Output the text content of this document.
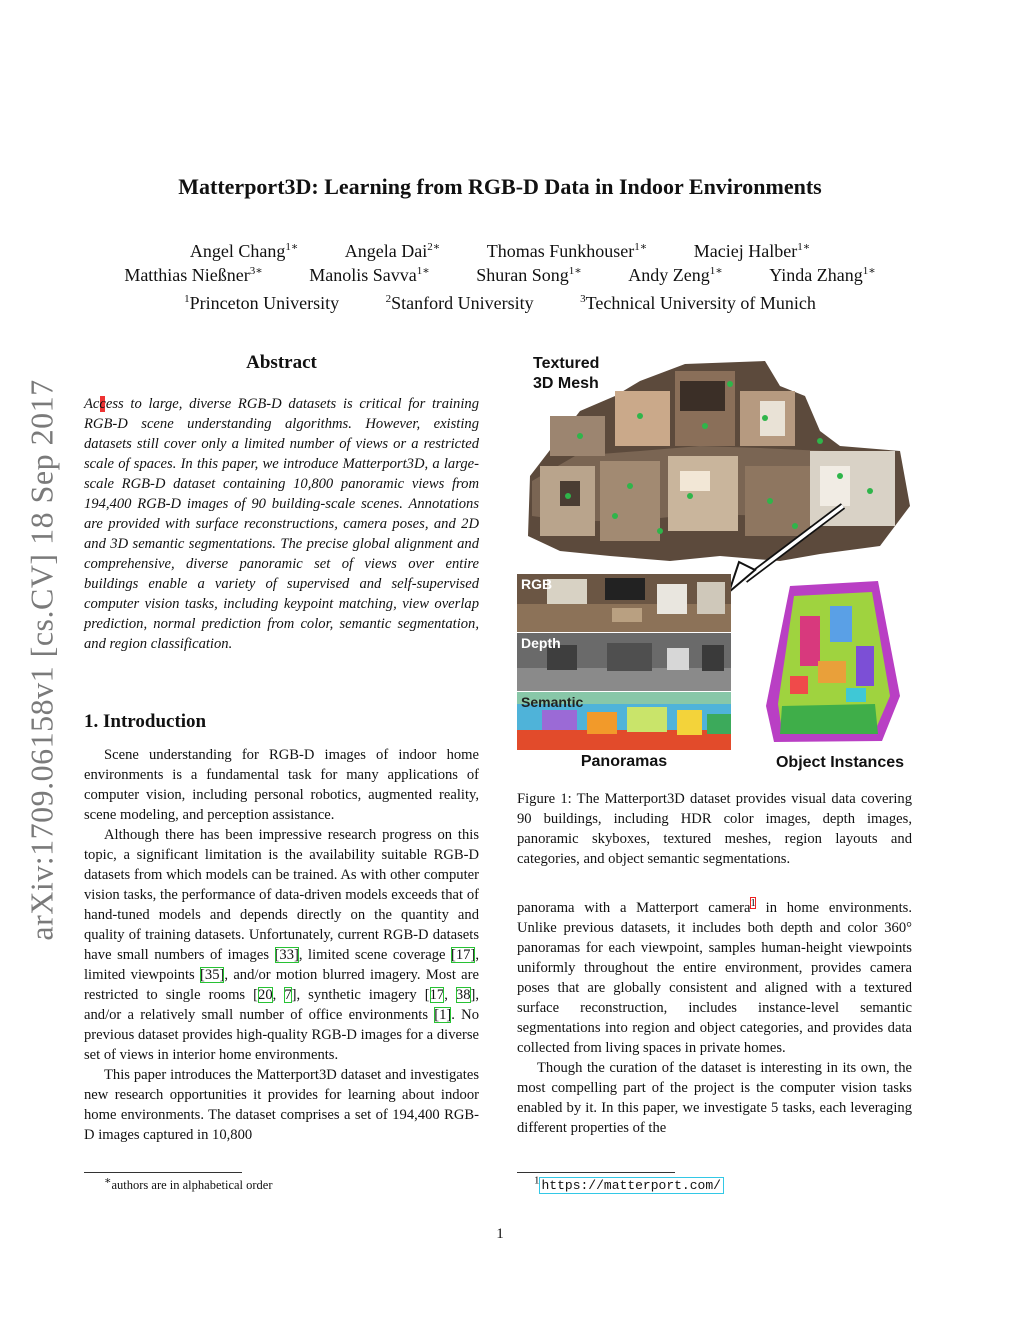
arXiv:1709.06158v1 [cs.CV] 18 Sep 2017
Matterport3D: Learning from RGB-D Data in Indoor Environments
Angel Chang$^{1∗}$	Angela Dai$^{2∗}$	Thomas Funkhouser$^{1∗}$	Maciej Halber$^{1∗}$
Matthias Nießner$^{3∗}$	Manolis Savva$^{1∗}$	Shuran Song$^{1∗}$	Andy Zeng$^{1∗}$	Yinda Zhang$^{1∗}$
$^1$Princeton University	$^2$Stanford University	$^3$Technical University of Munich
Abstract
Access to large, diverse RGB-D datasets is critical for training RGB-D scene understanding algorithms. However, existing datasets still cover only a limited number of views or a restricted scale of spaces. In this paper, we introduce Matterport3D, a large-scale RGB-D dataset containing 10,800 panoramic views from 194,400 RGB-D images of 90 building-scale scenes. Annotations are provided with surface reconstructions, camera poses, and 2D and 3D semantic segmentations. The precise global alignment and comprehensive, diverse panoramic set of views over entire buildings enable a variety of supervised and self-supervised computer vision tasks, including keypoint matching, view overlap prediction, normal prediction from color, semantic segmentation, and region classification.
1. Introduction
Scene understanding for RGB-D images of indoor home environments is a fundamental task for many applications of computer vision, including personal robotics, augmented reality, scene modeling, and perception assistance.
Although there has been impressive research progress on this topic, a significant limitation is the availability suitable RGB-D datasets from which models can be trained. As with other computer vision tasks, the performance of data-driven models exceeds that of hand-tuned models and depends directly on the quantity and quality of training datasets. Unfortunately, current RGB-D datasets have small numbers of images [33], limited scene coverage [17], limited viewpoints [35], and/or motion blurred imagery. Most are restricted to single rooms [20, 7], synthetic imagery [17, 38], and/or a relatively small number of office environments [1]. No previous dataset provides high-quality RGB-D images for a diverse set of views in interior home environments.
This paper introduces the Matterport3D dataset and investigates new research opportunities it provides for learning about indoor home environments. The dataset comprises a set of 194,400 RGB-D images captured in 10,800
∗authors are in alphabetical order
Textured 3D Mesh
RGB
Depth
Semantic
Panoramas	Object Instances
Figure 1: The Matterport3D dataset provides visual data covering 90 buildings, including HDR color images, depth images, panoramic skyboxes, textured meshes, region layouts and categories, and object semantic segmentations.
panorama with a Matterport camera$^1$ in home environments. Unlike previous datasets, it includes both depth and color 360° panoramas for each viewpoint, samples human-height viewpoints uniformly throughout the entire environment, provides camera poses that are globally consistent and aligned with a textured surface reconstruction, includes instance-level semantic segmentations into region and object categories, and provides data collected from living spaces in private homes.
Though the curation of the dataset is interesting in its own, the most compelling part of the project is the computer vision tasks enabled by it. In this paper, we investigate 5 tasks, each leveraging different properties of the
$^1$ https://matterport.com/
1
